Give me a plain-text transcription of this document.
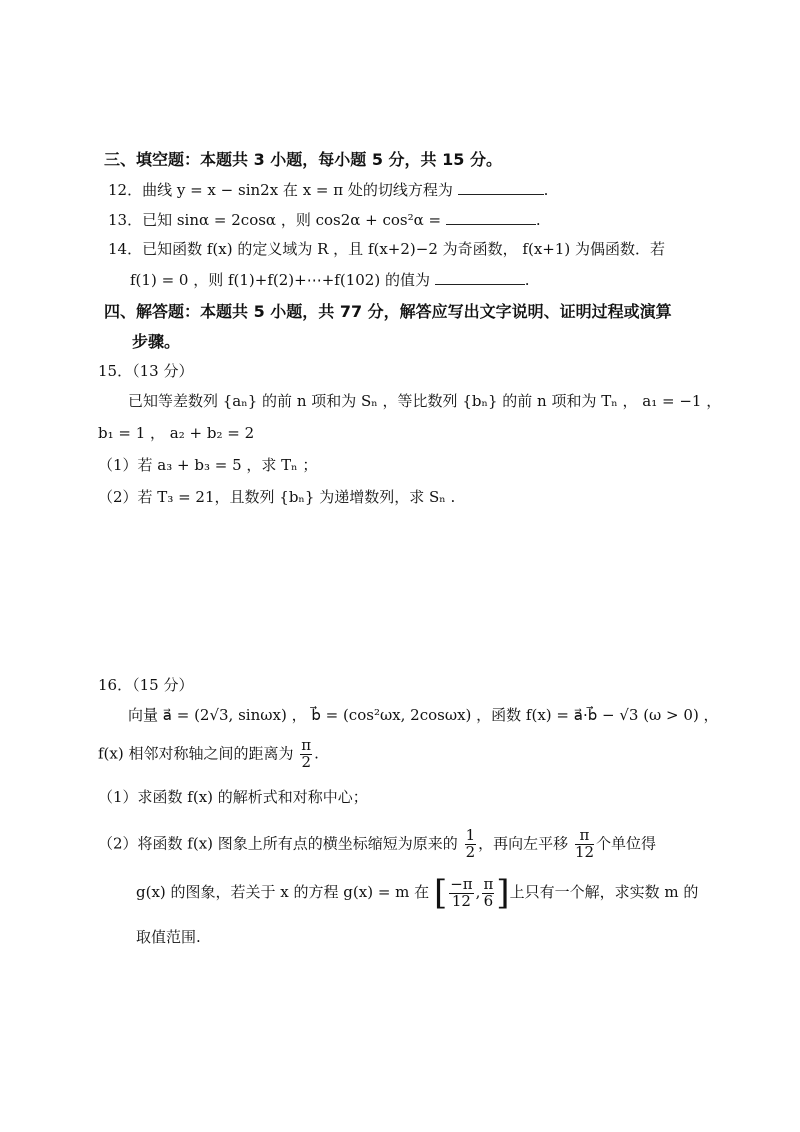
三、填空题：本题共 3 小题，每小题 5 分，共 15 分。
12．曲线 y = x − sin2x 在 x = π 处的切线方程为	.
13．已知 sinα = 2cosα ，则 cos2α + cos²α =	.
14．已知函数 f(x) 的定义域为 R ，且 f(x+2)−2 为奇函数， f(x+1) 为偶函数．若
f(1) = 0 ，则 f(1)+f(2)+⋯+f(102) 的值为	.
四、解答题：本题共 5 小题，共 77 分，解答应写出文字说明、证明过程或演算
步骤。
15．（13 分）
已知等差数列 {aₙ} 的前 n 项和为 Sₙ ，等比数列 {bₙ} 的前 n 项和为 Tₙ ， a₁ = −1 ，
b₁ = 1 ， a₂ + b₂ = 2
（1）若 a₃ + b₃ = 5 ，求 Tₙ ；
（2）若 T₃ = 21，且数列 {bₙ} 为递增数列，求 Sₙ .
16．（15 分）
向量 a⃗ = (2√3, sinωx) ， b⃗ = (cos²ωx, 2cosωx) ，函数 f(x) = a⃗·b⃗ − √3 (ω > 0) ，
f(x) 相邻对称轴之间的距离为 $\frac{\pi}{2}$ .
（1）求函数 f(x) 的解析式和对称中心；
（2）将函数 f(x) 图象上所有点的横坐标缩短为原来的 $\frac{1}{2}$ ，再向左平移 $\frac{\pi}{12}$ 个单位得
g(x) 的图象，若关于 x 的方程 g(x) = m 在 [ $\frac{-\pi}{12}$ , $\frac{\pi}{6}$ ]上只有一个解，求实数 m 的
取值范围.
